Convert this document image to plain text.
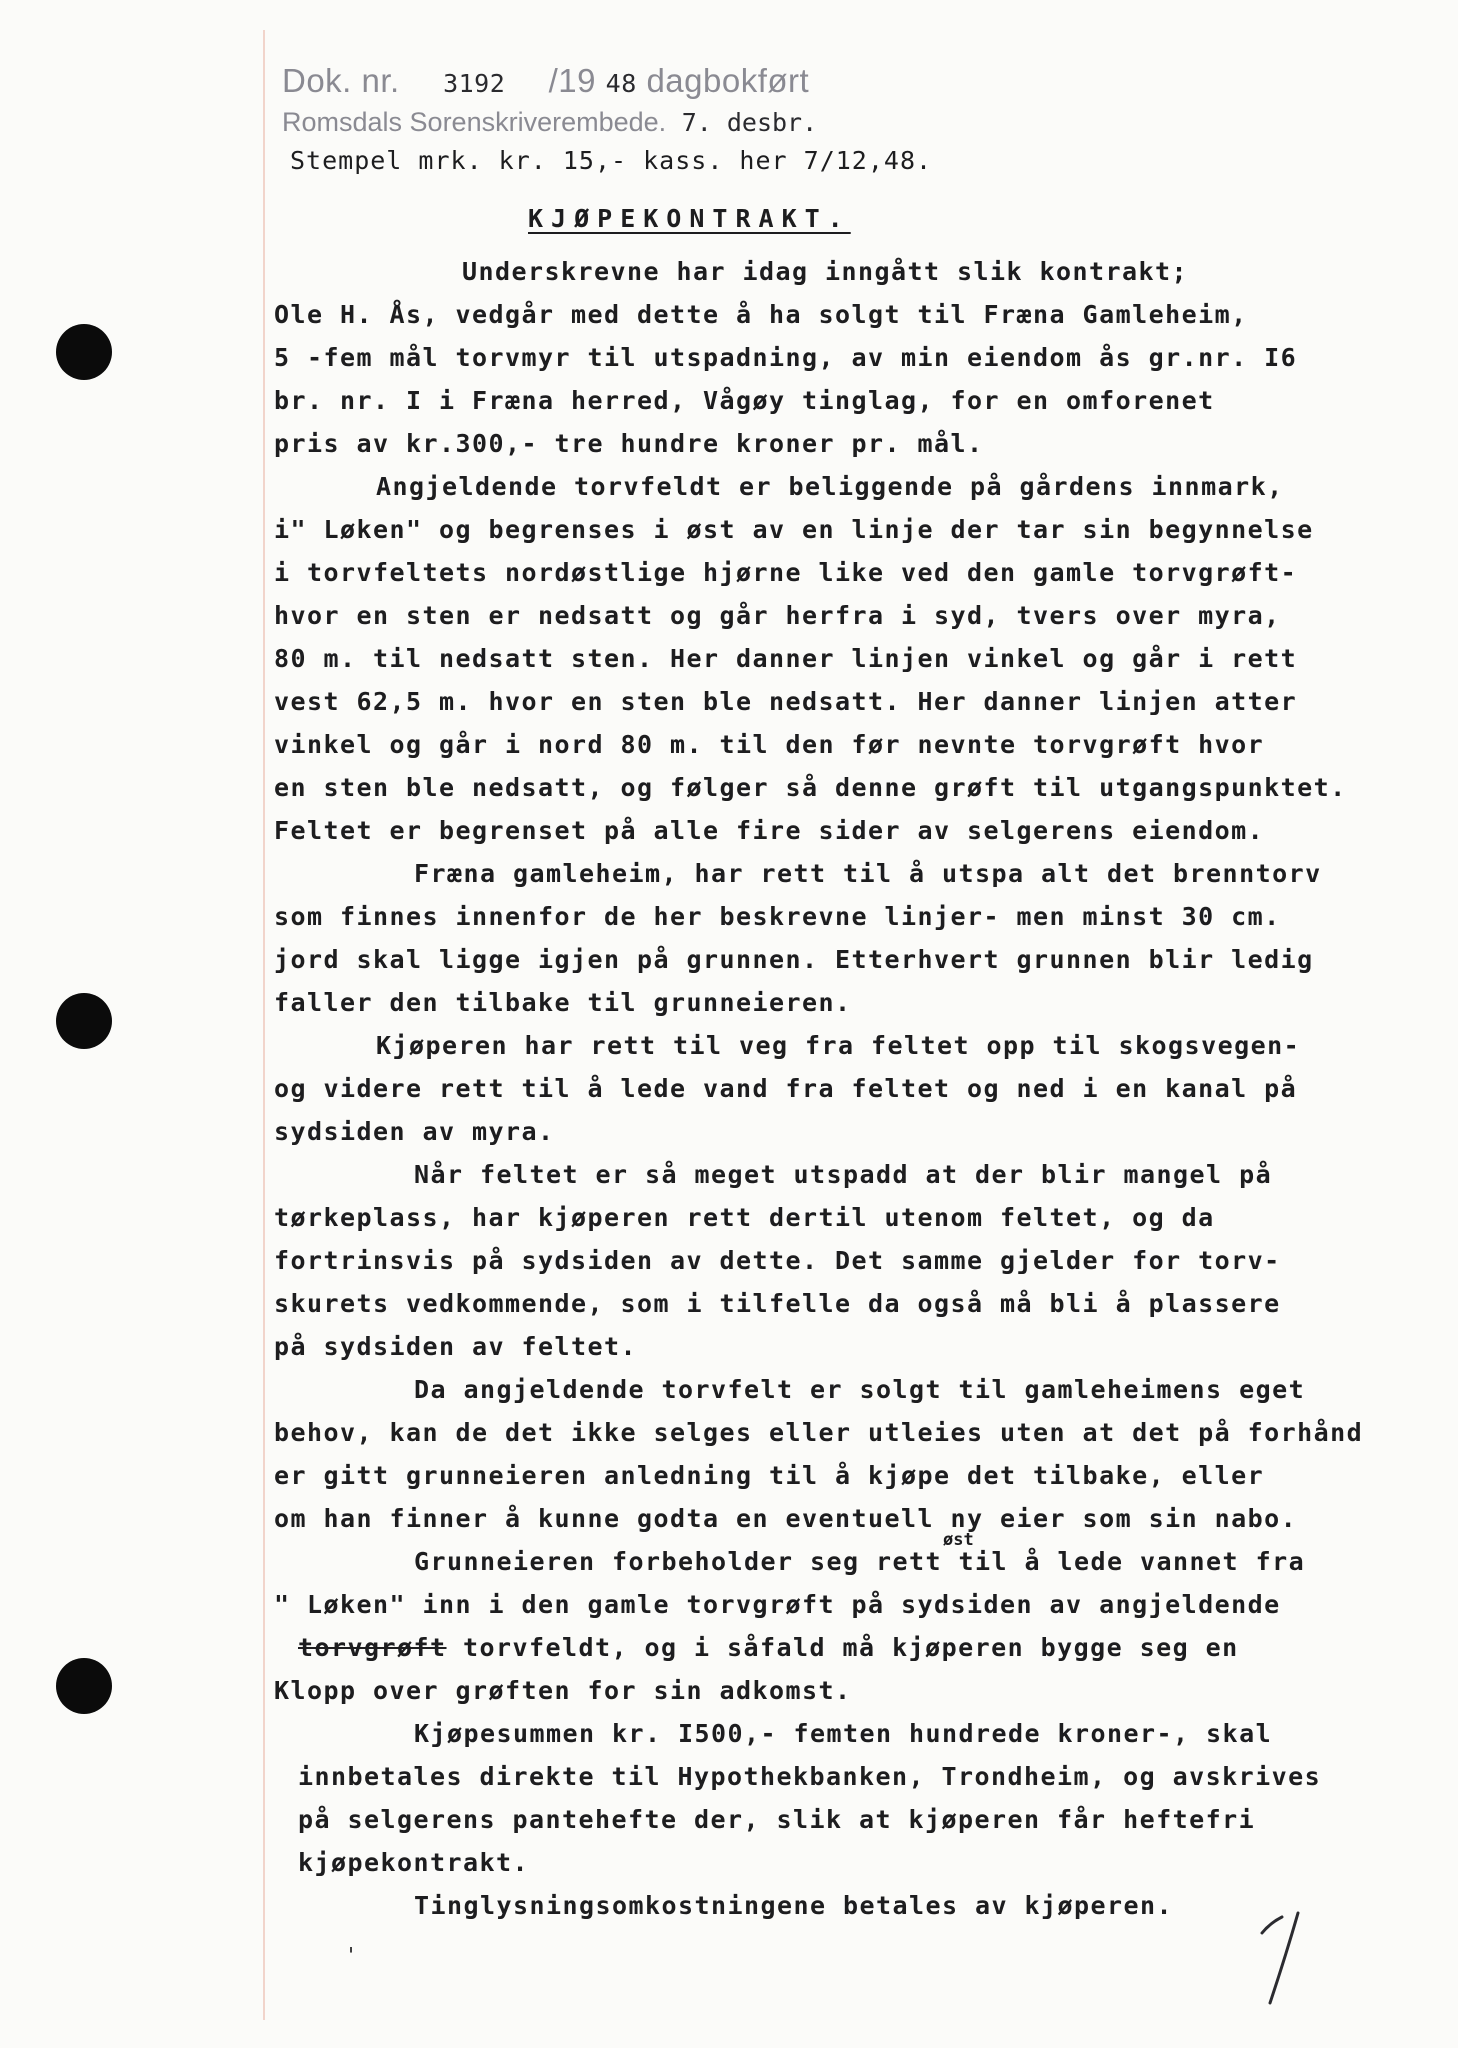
Dok. nr. 3192 /19 48 dagbokført
Romsdals Sorenskriverembede. 7. desbr.
Stempel mrk. kr. 15,- kass. her 7/12,48.
KJØPEKONTRAKT.
Underskrevne har idag inngått slik kontrakt;
Ole H. Ås, vedgår med dette å ha solgt til Fræna Gamleheim,
5 -fem mål torvmyr til utspadning, av min eiendom ås gr.nr. I6
br. nr. I i Fræna herred, Vågøy tinglag, for en omforenet
pris av kr.300,- tre hundre kroner pr. mål.
Angjeldende torvfeldt er beliggende på gårdens innmark,
i" Løken" og begrenses i øst av en linje der tar sin begynnelse
i torvfeltets nordøstlige hjørne like ved den gamle torvgrøft-
hvor en sten er nedsatt og går herfra i syd, tvers over myra,
80 m. til nedsatt sten. Her danner linjen vinkel og går i rett
vest 62,5 m. hvor en sten ble nedsatt. Her danner linjen atter
vinkel og går i nord 80 m. til den før nevnte torvgrøft hvor
en sten ble nedsatt, og følger så denne grøft til utgangspunktet.
Feltet er begrenset på alle fire sider av selgerens eiendom.
Fræna gamleheim, har rett til å utspa alt det brenntorv
som finnes innenfor de her beskrevne linjer- men minst 30 cm.
jord skal ligge igjen på grunnen. Etterhvert grunnen blir ledig
faller den tilbake til grunneieren.
Kjøperen har rett til veg fra feltet opp til skogsvegen-
og videre rett til å lede vand fra feltet og ned i en kanal på
sydsiden av myra.
Når feltet er så meget utspadd at der blir mangel på
tørkeplass, har kjøperen rett dertil utenom feltet, og da
fortrinsvis på sydsiden av dette. Det samme gjelder for torv-
skurets vedkommende, som i tilfelle da også må bli å plassere
på sydsiden av feltet.
Da angjeldende torvfelt er solgt til gamleheimens eget
behov, kan de det ikke selges eller utleies uten at det på forhånd
er gitt grunneieren anledning til å kjøpe det tilbake, eller
om han finner å kunne godta en eventuell ny eier som sin nabo.
Grunneieren forbeholder seg rett til å lede vannet fra
" Løken" inn i den gamle torvgrøft på sydsiden av angjeldende
torvgrøft torvfeldt, og i såfald må kjøperen bygge seg en
Klopp over grøften for sin adkomst.
Kjøpesummen kr. I500,- femten hundrede kroner-, skal
innbetales direkte til Hypothekbanken, Trondheim, og avskrives
på selgerens pantehefte der, slik at kjøperen får heftefri
kjøpekontrakt.
Tinglysningsomkostningene betales av kjøperen.
øst
'
